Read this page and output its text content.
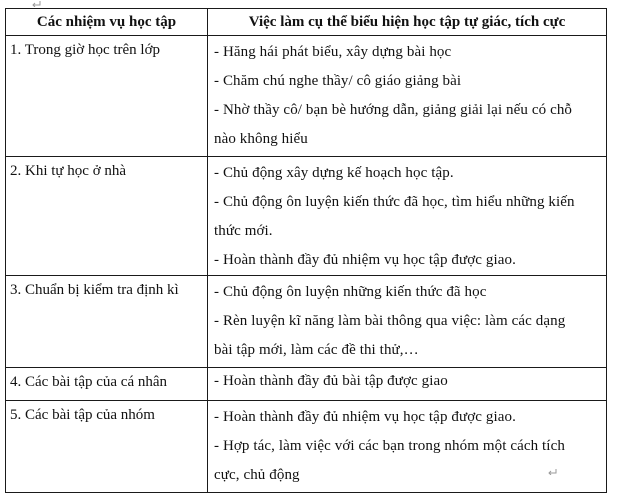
Các nhiệm vụ học tập	Việc làm cụ thể biểu hiện học tập tự giác, tích cực
1. Trong giờ học trên lớp	- Hăng hái phát biểu, xây dựng bài học
- Chăm chú nghe thầy/ cô giáo giảng bài
- Nhờ thầy cô/ bạn bè hướng dẫn, giảng giải lại nếu có chỗ
nào không hiểu

2. Khi tự học ở nhà	- Chủ động xây dựng kế hoạch học tập.
- Chủ động ôn luyện kiến thức đã học, tìm hiểu những kiến
thức mới.
- Hoàn thành đầy đủ nhiệm vụ học tập được giao.

3. Chuẩn bị kiểm tra định kì	- Chủ động ôn luyện những kiến thức đã học
- Rèn luyện kĩ năng làm bài thông qua việc: làm các dạng
bài tập mới, làm các đề thi thử,…

4. Các bài tập của cá nhân	- Hoàn thành đầy đủ bài tập được giao

5. Các bài tập của nhóm	- Hoàn thành đầy đủ nhiệm vụ học tập được giao.
- Hợp tác, làm việc với các bạn trong nhóm một cách tích
cực, chủ động
